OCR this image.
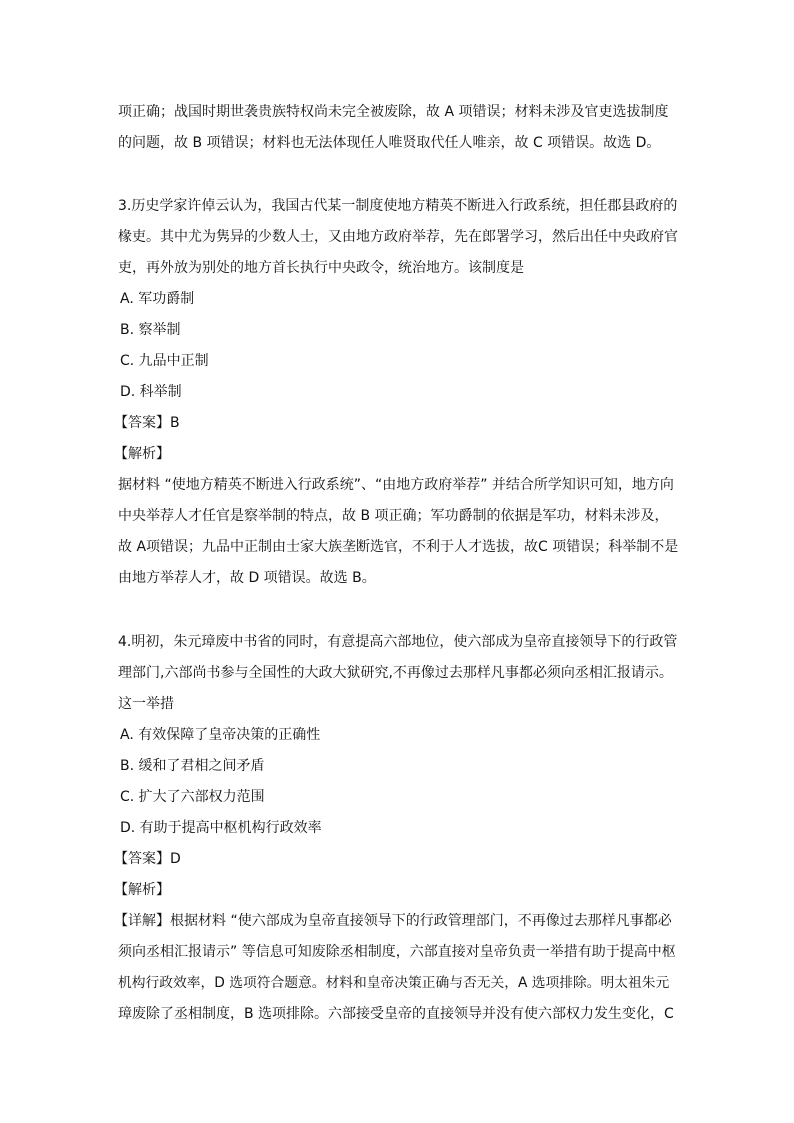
项正确；战国时期世袭贵族特权尚未完全被废除，故 A 项错误；材料未涉及官吏选拔制度
的问题，故 B 项错误；材料也无法体现任人唯贤取代任人唯亲，故 C 项错误。故选 D。
3.历史学家许倬云认为，我国古代某一制度使地方精英不断进入行政系统，担任郡县政府的
椽吏。其中尤为隽异的少数人士，又由地方政府举荐，先在郎署学习，然后出任中央政府官
吏，再外放为别处的地方首长执行中央政令，统治地方。该制度是
A. 军功爵制
B. 察举制
C. 九品中正制
D. 科举制
【答案】B
【解析】
据材料 “使地方精英不断进入行政系统”、“由地方政府举荐” 并结合所学知识可知，地方向
中央举荐人才任官是察举制的特点，故 B 项正确；军功爵制的依据是军功，材料未涉及，
故 A项错误；九品中正制由士家大族垄断选官，不利于人才选拔，故C 项错误；科举制不是
由地方举荐人才，故 D 项错误。故选 B。
4.明初，朱元璋废中书省的同时，有意提高六部地位，使六部成为皇帝直接领导下的行政管
理部门,六部尚书参与全国性的大政大狱研究,不再像过去那样凡事都必须向丞相汇报请示。
这一举措
A. 有效保障了皇帝决策的正确性
B. 缓和了君相之间矛盾
C. 扩大了六部权力范围
D. 有助于提高中枢机构行政效率
【答案】D
【解析】
【详解】根据材料 “使六部成为皇帝直接领导下的行政管理部门，不再像过去那样凡事都必
须向丞相汇报请示” 等信息可知废除丞相制度，六部直接对皇帝负责一举措有助于提高中枢
机构行政效率，D 选项符合题意。材料和皇帝决策正确与否无关，A 选项排除。明太祖朱元
璋废除了丞相制度，B 选项排除。六部接受皇帝的直接领导并没有使六部权力发生变化，C
